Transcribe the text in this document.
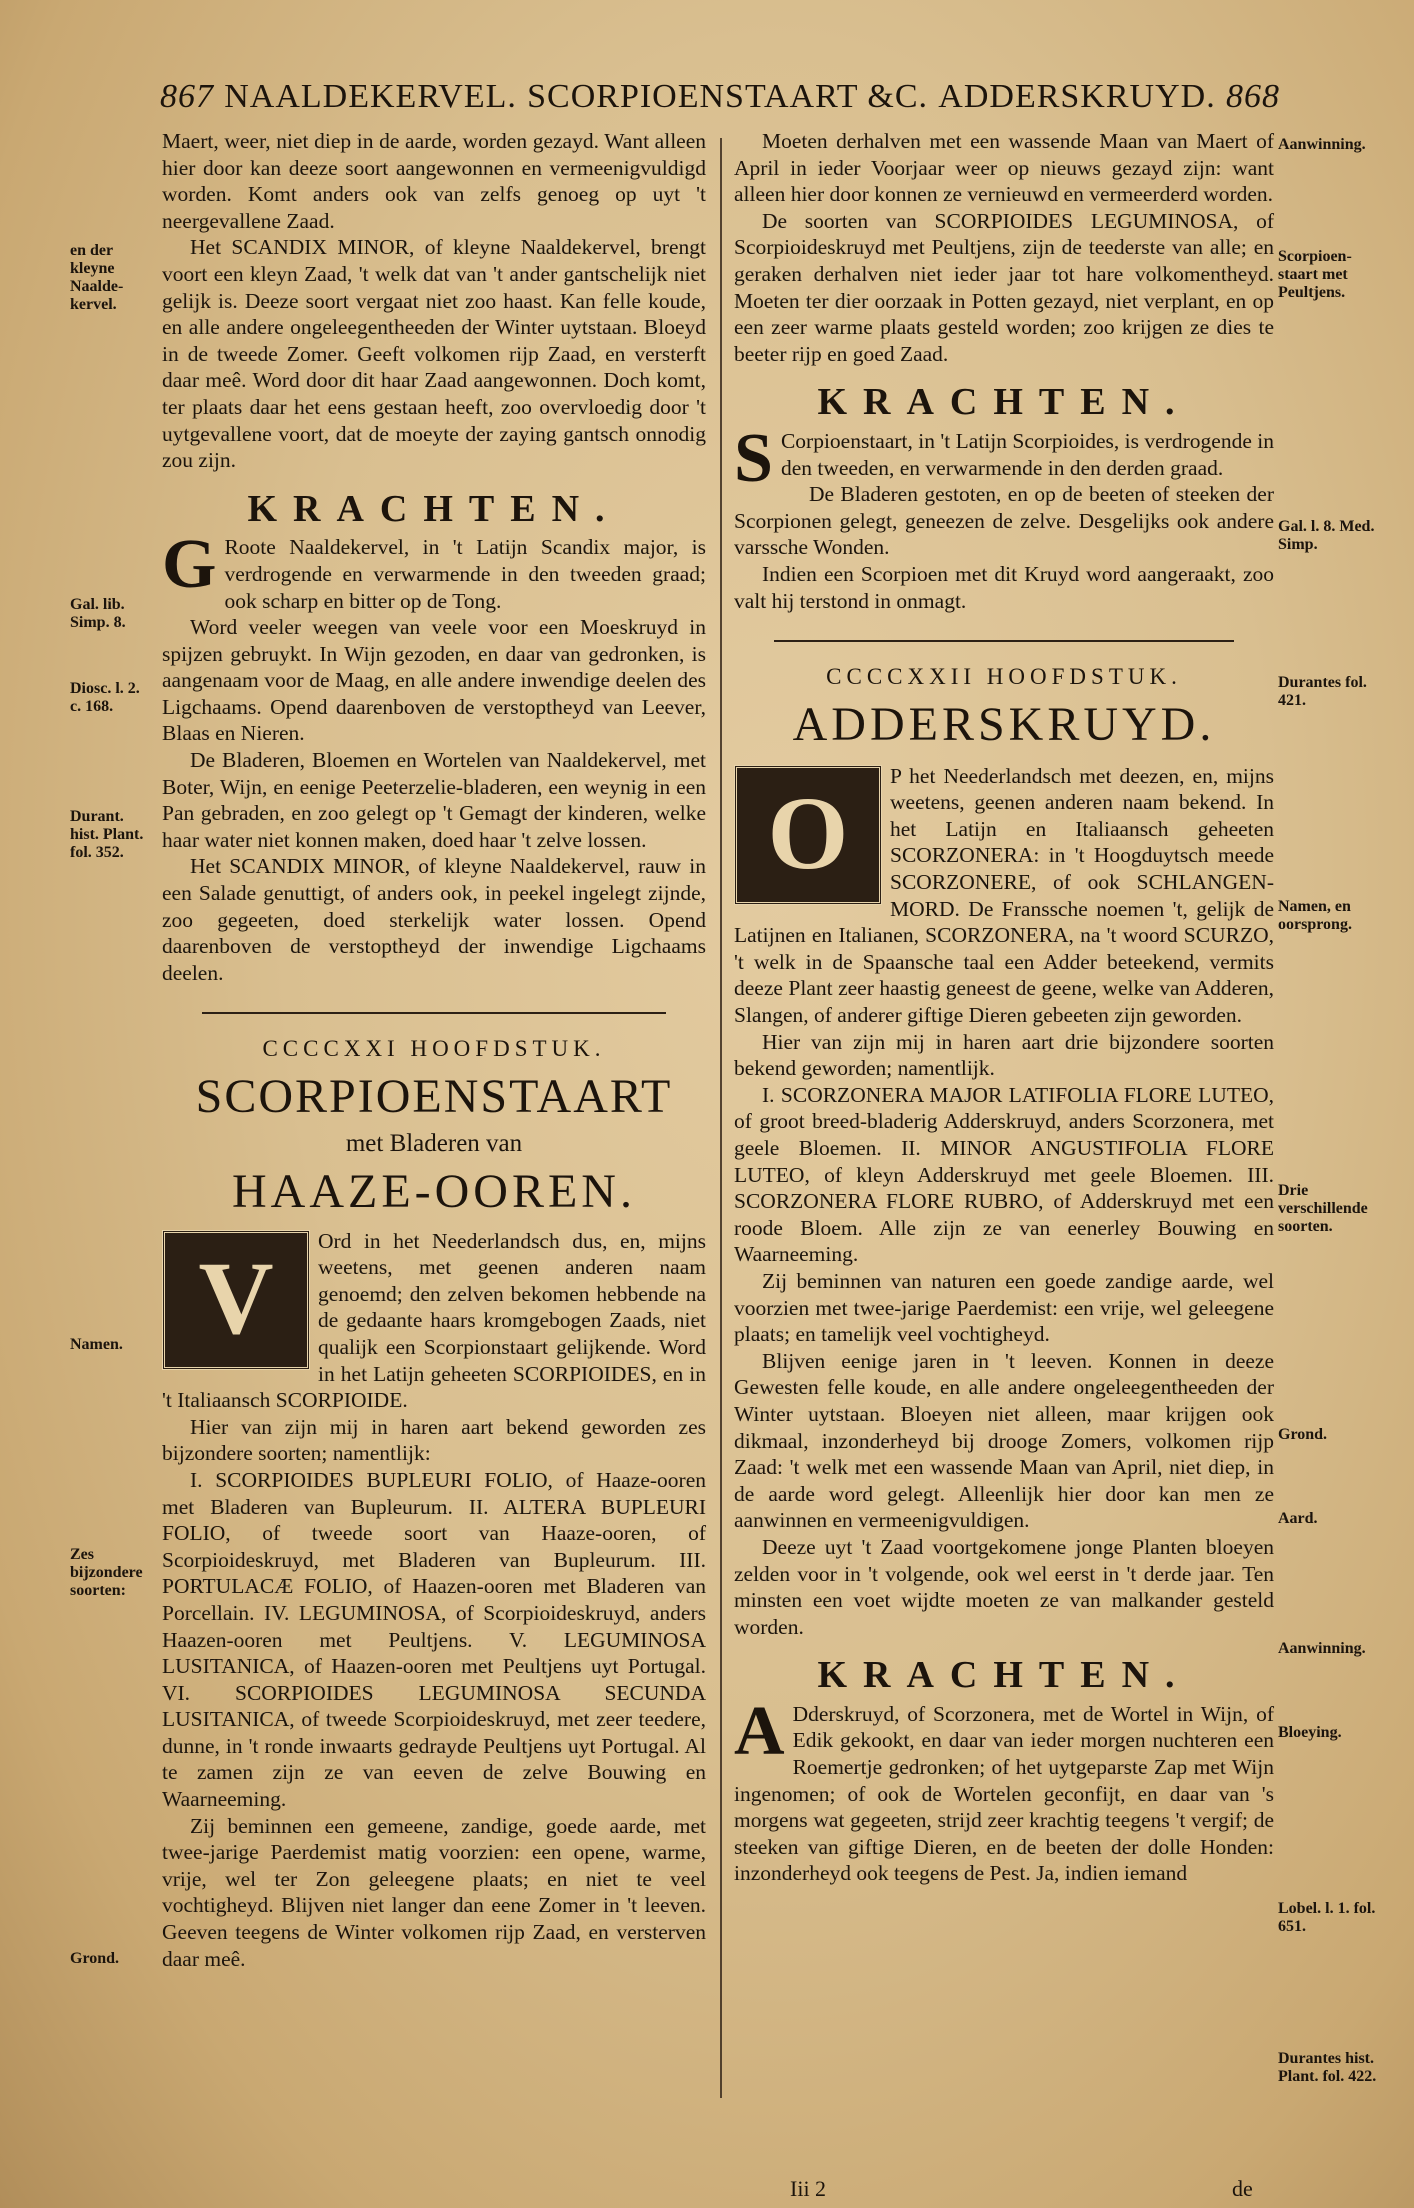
867 NAALDEKERVEL. SCORPIOENSTAART &C. ADDERSKRUYD. 868

Maert, weer, niet diep in de aarde, worden gezayd. Want alleen hier door kan deeze soort aangewonnen en vermeenigvuldigd worden. Komt anders ook van zelfs genoeg op uyt 't neergevallene Zaad.

Het SCANDIX MINOR, of kleyne Naaldekervel, brengt voort een kleyn Zaad, 't welk dat van 't ander gantschelijk niet gelijk is. Deeze soort vergaat niet zoo haast. Kan felle koude, en alle andere ongeleegentheeden der Winter uytstaan. Bloeyd in de tweede Zomer. Geeft volkomen rijp Zaad, en versterft daar meê. Word door dit haar Zaad aangewonnen. Doch komt, ter plaats daar het eens gestaan heeft, zoo overvloedig door 't uytgevallene voort, dat de moeyte der zaying gantsch onnodig zou zijn.

KRACHTEN.

G Roote Naaldekervel, in 't Latijn Scandix major, is verdrogende en verwarmende in den tweeden graad; ook scharp en bitter op de Tong.

Word veeler weegen van veele voor een Moeskruyd in spijzen gebruykt. In Wijn gezoden, en daar van gedronken, is aangenaam voor de Maag, en alle andere inwendige deelen des Ligchaams. Opend daarenboven de verstoptheyd van Leever, Blaas en Nieren.

De Bladeren, Bloemen en Wortelen van Naaldekervel, met Boter, Wijn, en eenige Peeterzelie-bladeren, een weynig in een Pan gebraden, en zoo gelegt op 't Gemagt der kinderen, welke haar water niet konnen maken, doed haar 't zelve lossen.

Het SCANDIX MINOR, of kleyne Naaldekervel, rauw in een Salade genuttigt, of anders ook, in peekel ingelegt zijnde, zoo gegeeten, doed sterkelijk water lossen. Opend daarenboven de verstoptheyd der inwendige Ligchaams deelen.

CCCCXXI HOOFDSTUK.
SCORPIOENSTAART
met Bladeren van
HAAZE-OOREN.

V
Ord in het Neederlandsch dus, en, mijns weetens, met geenen anderen naam genoemd; den zelven bekomen hebbende na de gedaante haars kromgebogen Zaads, niet qualijk een Scorpionstaart gelijkende. Word in het Latijn geheeten SCORPIOIDES, en in 't Italiaansch SCORPIOIDE.

Hier van zijn mij in haren aart bekend geworden zes bijzondere soorten; namentlijk:

I. SCORPIOIDES BUPLEURI FOLIO, of Haaze-ooren met Bladeren van Bupleurum. II. ALTERA BUPLEURI FOLIO, of tweede soort van Haaze-ooren, of Scorpioideskruyd, met Bladeren van Bupleurum. III. PORTULACÆ FOLIO, of Haazen-ooren met Bladeren van Porcellain. IV. LEGUMINOSA, of Scorpioideskruyd, anders Haazen-ooren met Peultjens. V. LEGUMINOSA LUSITANICA, of Haazen-ooren met Peultjens uyt Portugal. VI. SCORPIOIDES LEGUMINOSA SECUNDA LUSITANICA, of tweede Scorpioideskruyd, met zeer teedere, dunne, in 't ronde inwaarts gedrayde Peultjens uyt Portugal. Al te zamen zijn ze van eeven de zelve Bouwing en Waarneeming.

Zij beminnen een gemeene, zandige, goede aarde, met twee-jarige Paerdemist matig voorzien: een opene, warme, vrije, wel ter Zon geleegene plaats; en niet te veel vochtigheyd. Blijven niet langer dan eene Zomer in 't leeven. Geeven teegens de Winter volkomen rijp Zaad, en versterven daar meê.

Moeten derhalven met een wassende Maan van Maert of April in ieder Voorjaar weer op nieuws gezayd zijn: want alleen hier door konnen ze vernieuwd en vermeerderd worden.

De soorten van SCORPIOIDES LEGUMINOSA, of Scorpioideskruyd met Peultjens, zijn de teederste van alle; en geraken derhalven niet ieder jaar tot hare volkomentheyd. Moeten ter dier oorzaak in Potten gezayd, niet verplant, en op een zeer warme plaats gesteld worden; zoo krijgen ze dies te beeter rijp en goed Zaad.

KRACHTEN.

S Corpioenstaart, in 't Latijn Scorpioides, is verdrogende in den tweeden, en verwarmende in den derden graad.

De Bladeren gestoten, en op de beeten of steeken der Scorpionen gelegt, geneezen de zelve. Desgelijks ook andere varssche Wonden.

Indien een Scorpioen met dit Kruyd word aangeraakt, zoo valt hij terstond in onmagt.

CCCCXXII HOOFDSTUK.
ADDERSKRUYD.

O
P het Neederlandsch met deezen, en, mijns weetens, geenen anderen naam bekend. In het Latijn en Italiaansch geheeten SCORZONERA: in 't Hoogduytsch meede SCORZONERE, of ook SCHLANGEN-MORD. De Franssche noemen 't, gelijk de Latijnen en Italianen, SCORZONERA, na 't woord SCURZO, 't welk in de Spaansche taal een Adder beteekend, vermits deeze Plant zeer haastig geneest de geene, welke van Adderen, Slangen, of anderer giftige Dieren gebeeten zijn geworden.

Hier van zijn mij in haren aart drie bijzondere soorten bekend geworden; namentlijk.

I. SCORZONERA MAJOR LATIFOLIA FLORE LUTEO, of groot breed-bladerig Adderskruyd, anders Scorzonera, met geele Bloemen. II. MINOR ANGUSTIFOLIA FLORE LUTEO, of kleyn Adderskruyd met geele Bloemen. III. SCORZONERA FLORE RUBRO, of Adderskruyd met een roode Bloem. Alle zijn ze van eenerley Bouwing en Waarneeming.

Zij beminnen van naturen een goede zandige aarde, wel voorzien met twee-jarige Paerdemist: een vrije, wel geleegene plaats; en tamelijk veel vochtigheyd.

Blijven eenige jaren in 't leeven. Konnen in deeze Gewesten felle koude, en alle andere ongeleegentheeden der Winter uytstaan. Bloeyen niet alleen, maar krijgen ook dikmaal, inzonderheyd bij drooge Zomers, volkomen rijp Zaad: 't welk met een wassende Maan van April, niet diep, in de aarde word gelegt. Alleenlijk hier door kan men ze aanwinnen en vermeenigvuldigen.

Deeze uyt 't Zaad voortgekomene jonge Planten bloeyen zelden voor in 't volgende, ook wel eerst in 't derde jaar. Ten minsten een voet wijdte moeten ze van malkander gesteld worden.

KRACHTEN.

A Dderskruyd, of Scorzonera, met de Wortel in Wijn, of Edik gekookt, en daar van ieder morgen nuchteren een Roemertje gedronken; of het uytgeparste Zap met Wijn ingenomen; of ook de Wortelen geconfijt, en daar van 's morgens wat gegeeten, strijd zeer krachtig teegens 't vergif; de steeken van giftige Dieren, en de beeten der dolle Honden: inzonderheyd ook teegens de Pest. Ja, indien iemand

en der kleyne Naalde-kervel.
Gal. lib. Simp. 8.
Diosc. l. 2. c. 168.
Durant. hist. Plant. fol. 352.
Namen.
Zes bijzondere soorten:
Grond.
Aanwinning.
Scorpioen-staart met Peultjens.
Gal. l. 8. Med. Simp.
Durantes fol. 421.
Namen, en oorsprong.
Drie verschillende soorten.
Grond.
Aard.
Aanwinning.
Bloeying.
Lobel. l. 1. fol. 651.
Durantes hist. Plant. fol. 422.
Iii 2	de
